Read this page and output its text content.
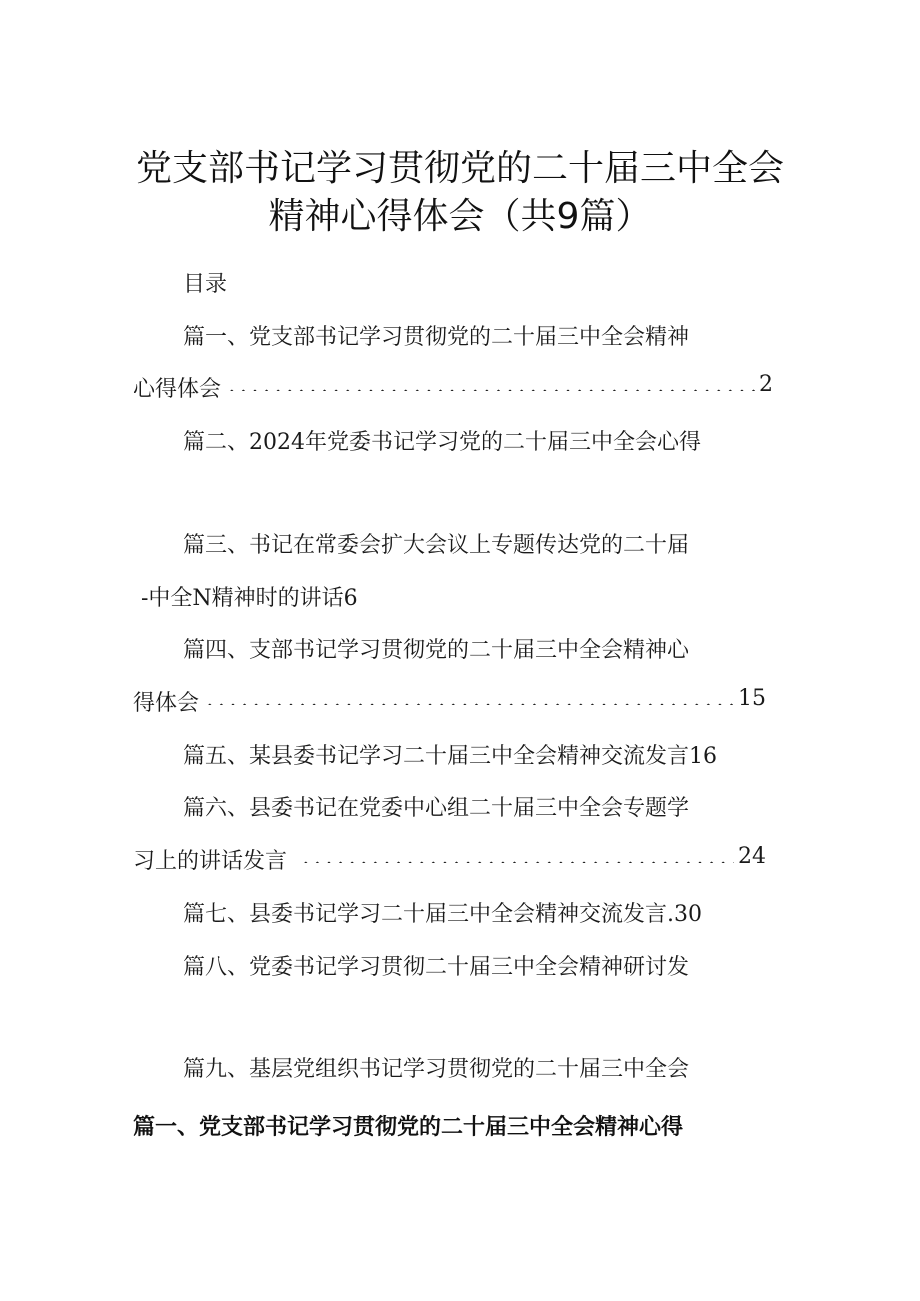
党支部书记学习贯彻党的二十届三中全会
精神心得体会（共9篇）
目录
篇一、党支部书记学习贯彻党的二十届三中全会精神
心得体会	2
篇二、2024年党委书记学习党的二十届三中全会心得
篇三、书记在常委会扩大会议上专题传达党的二十届
-中全N精神时的讲话6
篇四、支部书记学习贯彻党的二十届三中全会精神心
得体会	15
篇五、某县委书记学习二十届三中全会精神交流发言16
篇六、县委书记在党委中心组二十届三中全会专题学
习上的讲话发言	24
篇七、县委书记学习二十届三中全会精神交流发言.30
篇八、党委书记学习贯彻二十届三中全会精神研讨发
篇九、基层党组织书记学习贯彻党的二十届三中全会
篇一、党支部书记学习贯彻党的二十届三中全会精神心得
